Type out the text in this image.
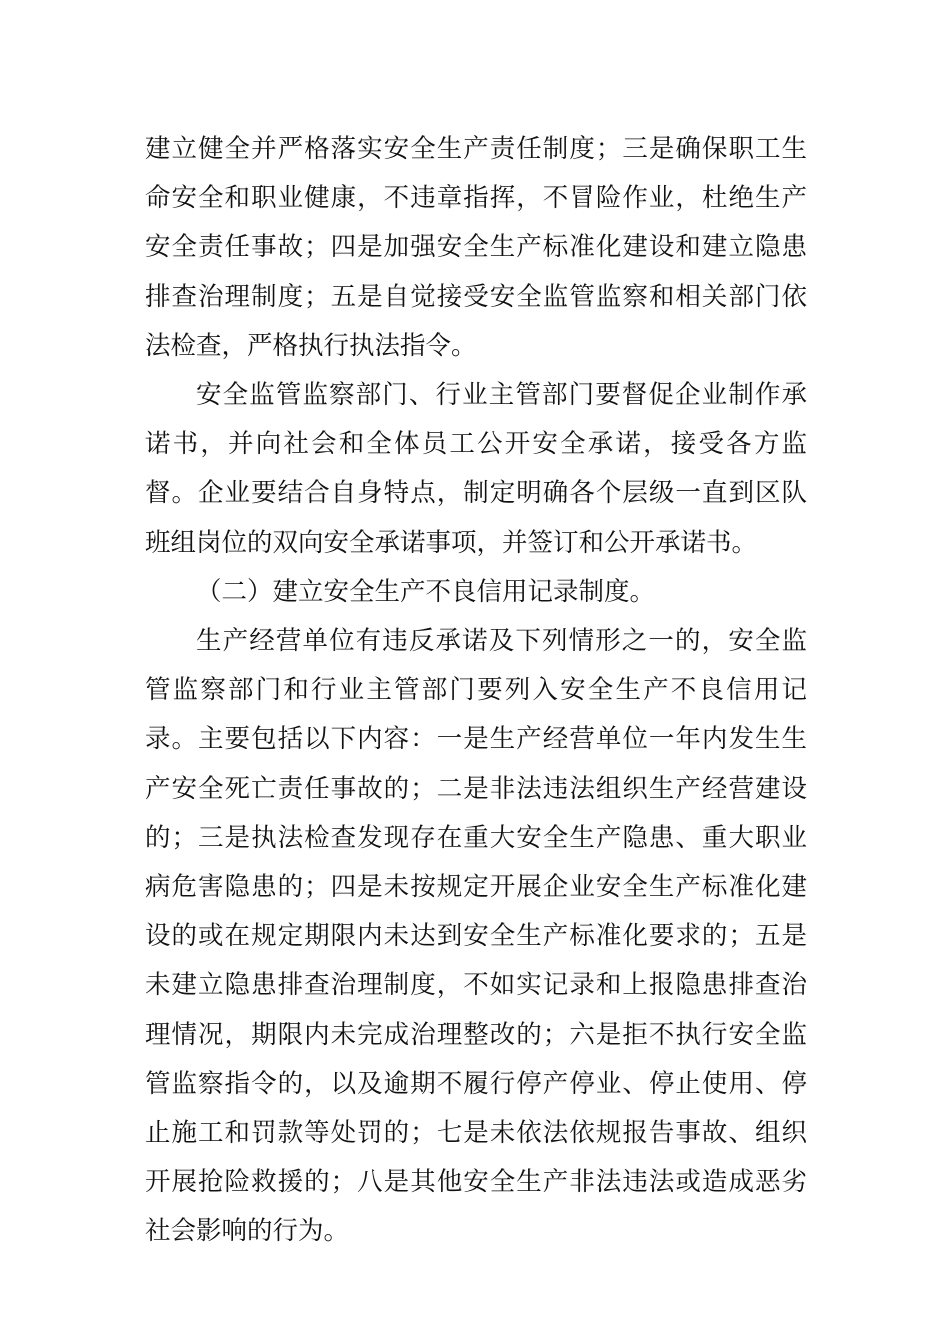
建立健全并严格落实安全生产责任制度；三是确保职工生命安全和职业健康，不违章指挥，不冒险作业，杜绝生产安全责任事故；四是加强安全生产标准化建设和建立隐患排查治理制度；五是自觉接受安全监管监察和相关部门依法检查，严格执行执法指令。

安全监管监察部门、行业主管部门要督促企业制作承诺书，并向社会和全体员工公开安全承诺，接受各方监督。企业要结合自身特点，制定明确各个层级一直到区队班组岗位的双向安全承诺事项，并签订和公开承诺书。

（二）建立安全生产不良信用记录制度。

生产经营单位有违反承诺及下列情形之一的，安全监管监察部门和行业主管部门要列入安全生产不良信用记录。主要包括以下内容：一是生产经营单位一年内发生生产安全死亡责任事故的；二是非法违法组织生产经营建设的；三是执法检查发现存在重大安全生产隐患、重大职业病危害隐患的；四是未按规定开展企业安全生产标准化建设的或在规定期限内未达到安全生产标准化要求的；五是未建立隐患排查治理制度，不如实记录和上报隐患排查治理情况，期限内未完成治理整改的；六是拒不执行安全监管监察指令的，以及逾期不履行停产停业、停止使用、停止施工和罚款等处罚的；七是未依法依规报告事故、组织开展抢险救援的；八是其他安全生产非法违法或造成恶劣社会影响的行为。
